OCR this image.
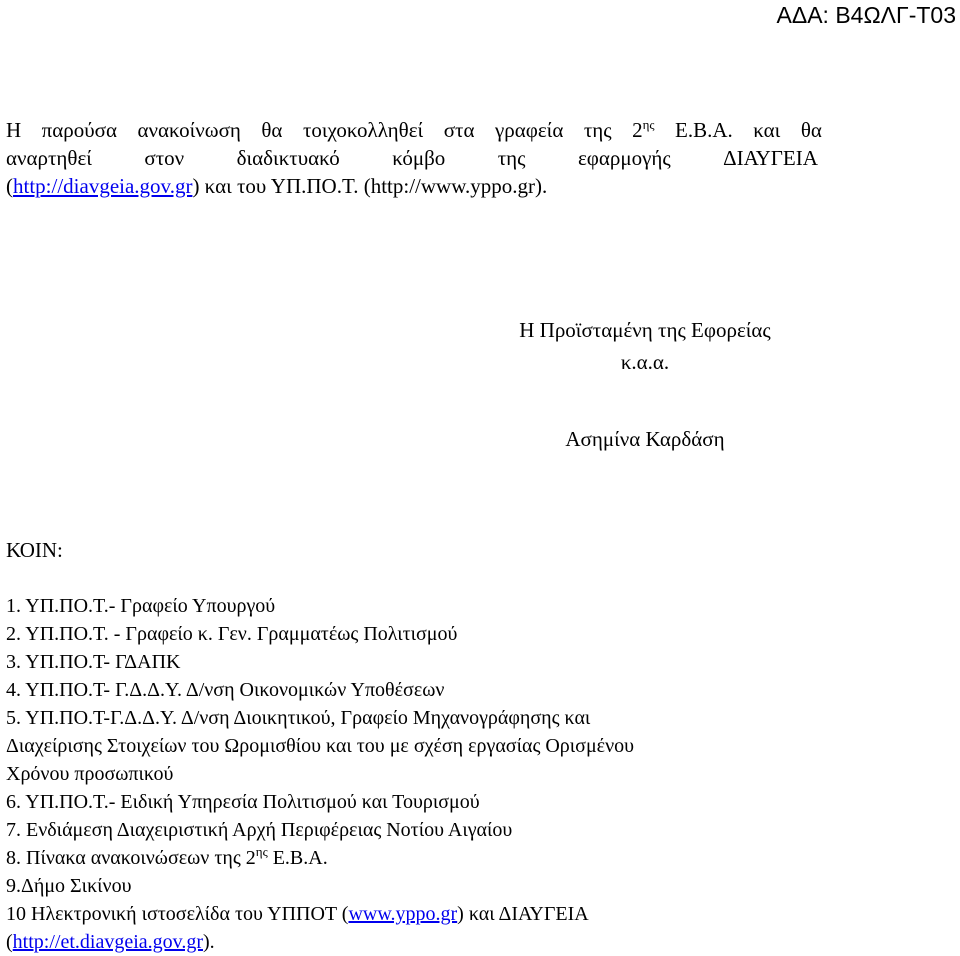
ΑΔΑ: Β4ΩΛΓ-Τ03
Η παρούσα ανακοίνωση θα τοιχοκολληθεί στα γραφεία της $2^{\eta\varsigma}$ Ε.Β.Α. και θα
αναρτηθεί στον διαδικτυακό κόμβο της εφαρμογής ΔΙΑΥΓΕΙΑ
(http://diavgeia.gov.gr) και του ΥΠ.ΠΟ.Τ. (http://www.yppo.gr).
Η Προϊσταμένη της Εφορείας
κ.α.α.
Ασημίνα Καρδάση
ΚΟΙΝ:
1. ΥΠ.ΠΟ.Τ.- Γραφείο Υπουργού
2. ΥΠ.ΠΟ.Τ. - Γραφείο κ. Γεν. Γραμματέως Πολιτισμού
3. ΥΠ.ΠΟ.Τ- ΓΔΑΠΚ
4. ΥΠ.ΠΟ.Τ- Γ.Δ.Δ.Υ. Δ/νση Οικονομικών Υποθέσεων
5. ΥΠ.ΠΟ.Τ-Γ.Δ.Δ.Υ. Δ/νση Διοικητικού, Γραφείο Μηχανογράφησης και
Διαχείρισης Στοιχείων του Ωρομισθίου και του με σχέση εργασίας Ορισμένου
Χρόνου προσωπικού
6. ΥΠ.ΠΟ.Τ.- Ειδική Υπηρεσία Πολιτισμού και Τουρισμού
7. Ενδιάμεση Διαχειριστική Αρχή Περιφέρειας Νοτίου Αιγαίου
8. Πίνακα ανακοινώσεων της $2^{\eta\varsigma}$ Ε.Β.Α.
9.Δήμο Σικίνου
10 Ηλεκτρονική ιστοσελίδα του ΥΠΠΟΤ (www.yppo.gr) και ΔΙΑΥΓΕΙΑ
(http://et.diavgeia.gov.gr).
